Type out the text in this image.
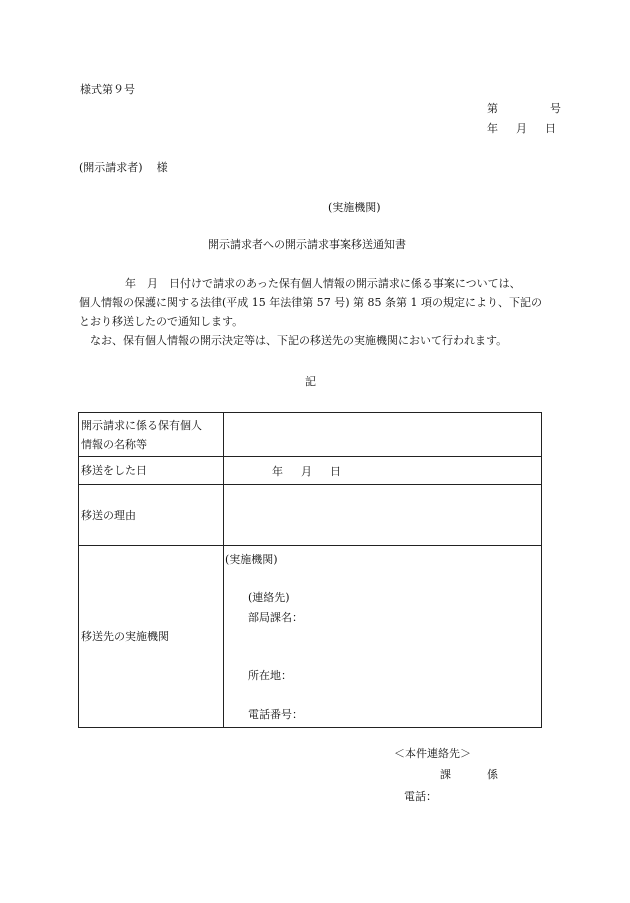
様式第９号
第	号
年 月 日
(開示請求者) 様
(実施機関)
開示請求者への開示請求事案移送通知書
年　月　日付けで請求のあった保有個人情報の開示請求に係る事案については、
個人情報の保護に関する法律(平成 15 年法律第 57 号) 第 85 条第 1 項の規定により、下記の
とおり移送したので通知します。
なお、保有個人情報の開示決定等は、下記の移送先の実施機関において行われます。
記
開示請求に係る保有個人
情報の名称等	
移送をした日	年 月 日
移送の理由	
移送先の実施機関	(実施機関)
(連絡先)
部局課名：
所在地：
電話番号：
＜本件連絡先＞
課	係
電話：
